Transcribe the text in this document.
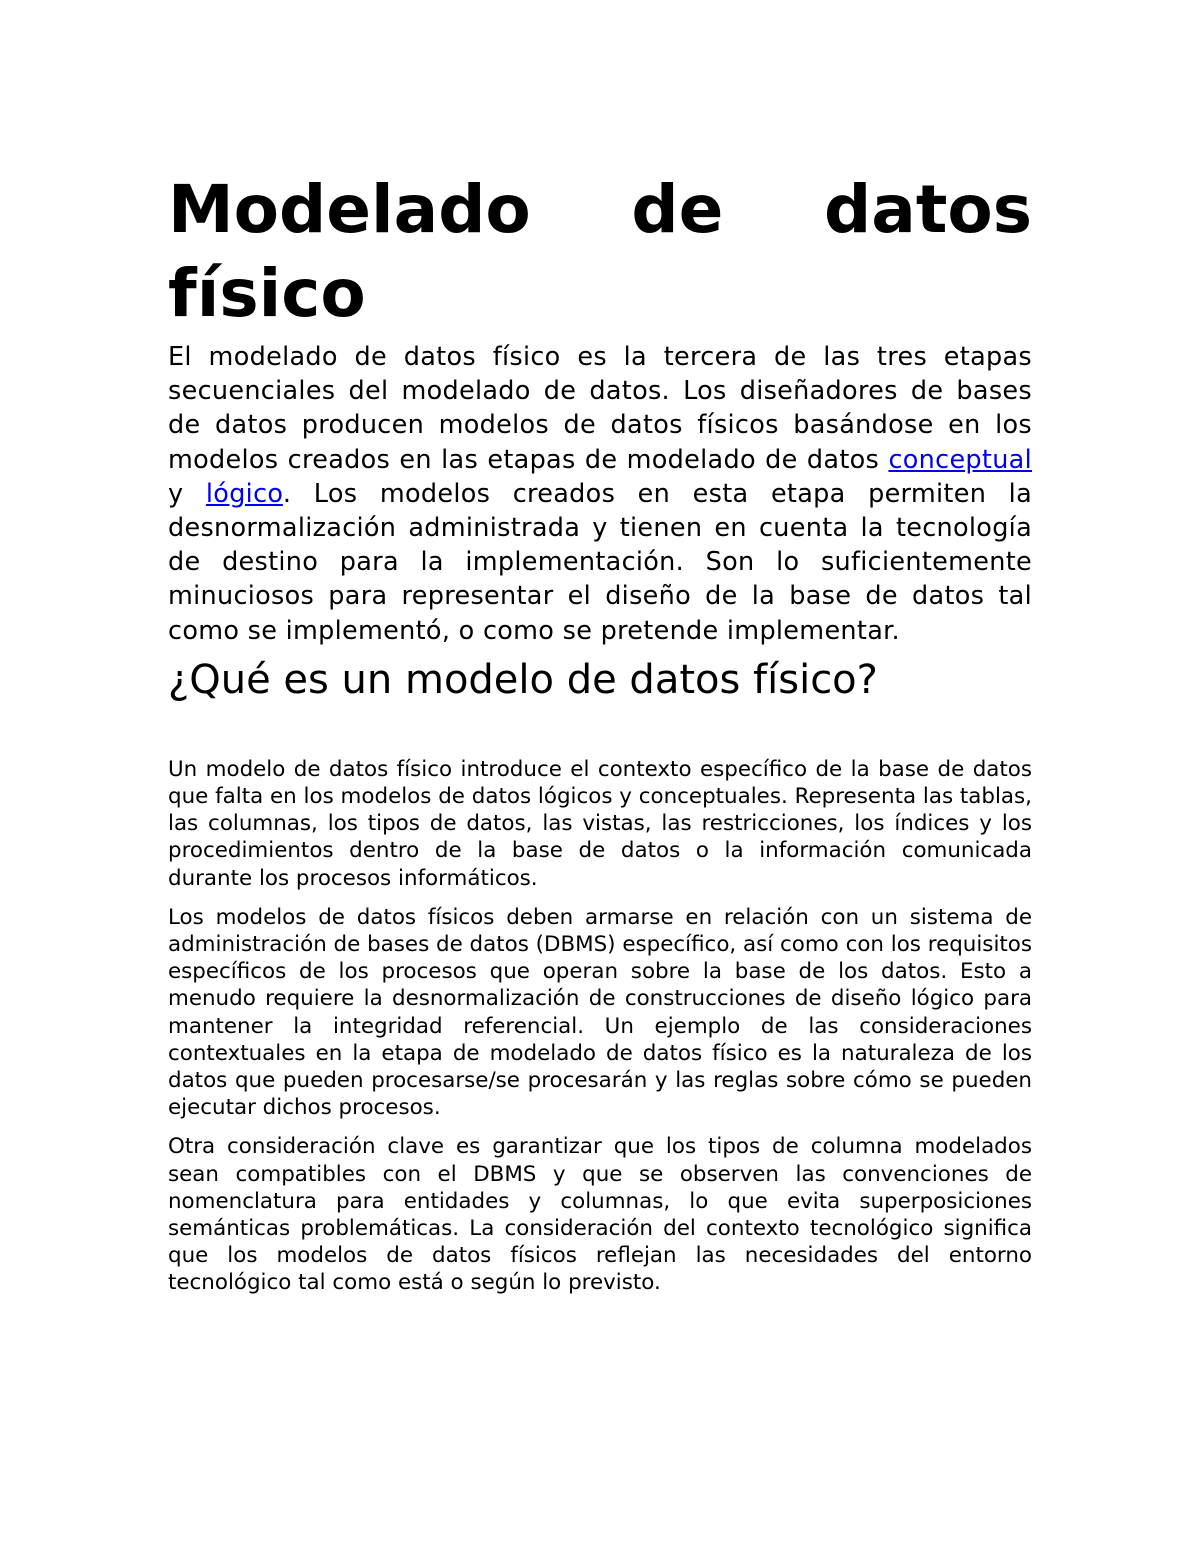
Modelado de datos físico

El modelado de datos físico es la tercera de las tres etapas secuenciales del modelado de datos. Los diseñadores de bases de datos producen modelos de datos físicos basándose en los modelos creados en las etapas de modelado de datos conceptual y lógico. Los modelos creados en esta etapa permiten la desnormalización administrada y tienen en cuenta la tecnología de destino para la implementación. Son lo suficientemente minuciosos para representar el diseño de la base de datos tal como se implementó, o como se pretende implementar.

¿Qué es un modelo de datos físico?

Un modelo de datos físico introduce el contexto específico de la base de datos que falta en los modelos de datos lógicos y conceptuales. Representa las tablas, las columnas, los tipos de datos, las vistas, las restricciones, los índices y los procedimientos dentro de la base de datos o la información comunicada durante los procesos informáticos.

Los modelos de datos físicos deben armarse en relación con un sistema de administración de bases de datos (DBMS) específico, así como con los requisitos específicos de los procesos que operan sobre la base de los datos. Esto a menudo requiere la desnormalización de construcciones de diseño lógico para mantener la integridad referencial. Un ejemplo de las consideraciones contextuales en la etapa de modelado de datos físico es la naturaleza de los datos que pueden procesarse/se procesarán y las reglas sobre cómo se pueden ejecutar dichos procesos.

Otra consideración clave es garantizar que los tipos de columna modelados sean compatibles con el DBMS y que se observen las convenciones de nomenclatura para entidades y columnas, lo que evita superposiciones semánticas problemáticas. La consideración del contexto tecnológico significa que los modelos de datos físicos reflejan las necesidades del entorno tecnológico tal como está o según lo previsto.
